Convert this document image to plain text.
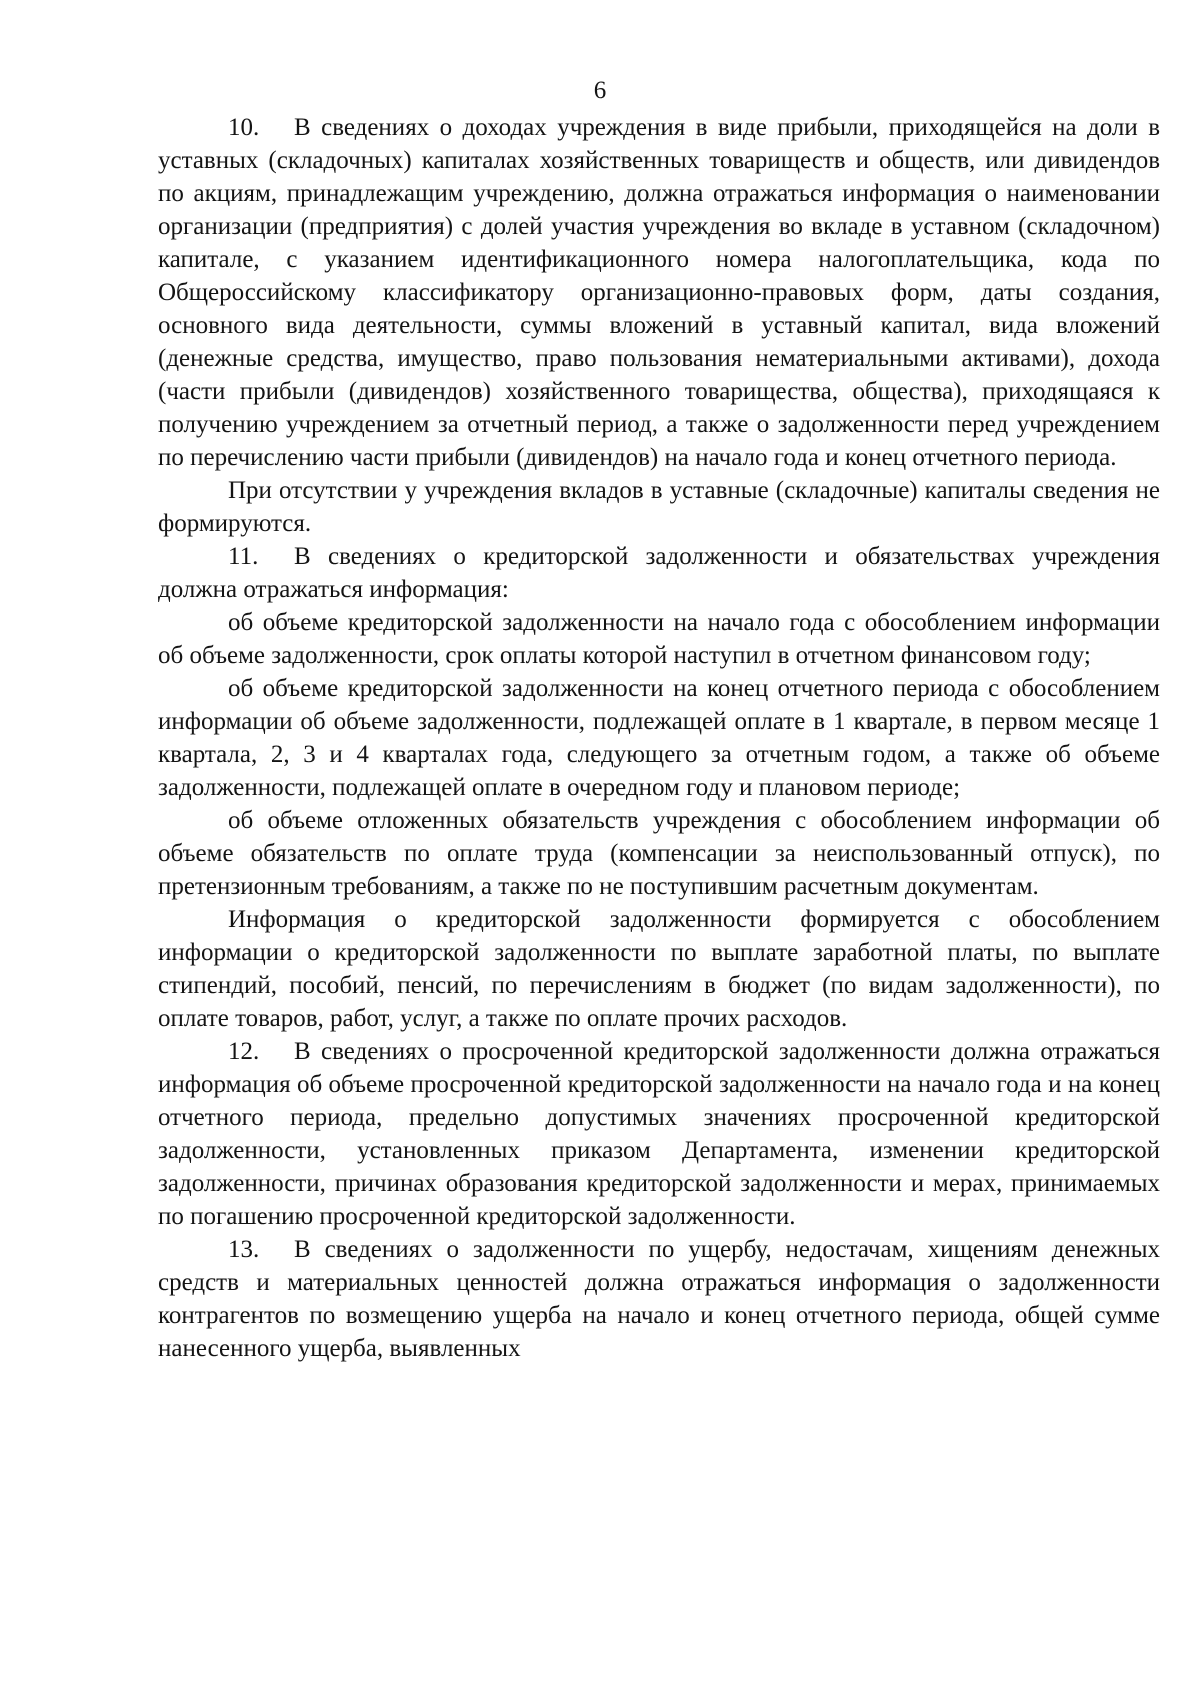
6

10. В сведениях о доходах учреждения в виде прибыли, приходящейся на доли в уставных (складочных) капиталах хозяйственных товариществ и обществ, или дивидендов по акциям, принадлежащим учреждению, должна отражаться информация о наименовании организации (предприятия) с долей участия учреждения во вкладе в уставном (складочном) капитале, с указанием идентификационного номера налогоплательщика, кода по Общероссийскому классификатору организационно-правовых форм, даты создания, основного вида деятельности, суммы вложений в уставный капитал, вида вложений (денежные средства, имущество, право пользования нематериальными активами), дохода (части прибыли (дивидендов) хозяйственного товарищества, общества), приходящаяся к получению учреждением за отчетный период, а также о задолженности перед учреждением по перечислению части прибыли (дивидендов) на начало года и конец отчетного периода.

При отсутствии у учреждения вкладов в уставные (складочные) капиталы сведения не формируются.

11. В сведениях о кредиторской задолженности и обязательствах учреждения должна отражаться информация:

об объеме кредиторской задолженности на начало года с обособлением информации об объеме задолженности, срок оплаты которой наступил в отчетном финансовом году;

об объеме кредиторской задолженности на конец отчетного периода с обособлением информации об объеме задолженности, подлежащей оплате в 1 квартале, в первом месяце 1 квартала, 2, 3 и 4 кварталах года, следующего за отчетным годом, а также об объеме задолженности, подлежащей оплате в очередном году и плановом периоде;

об объеме отложенных обязательств учреждения с обособлением информации об объеме обязательств по оплате труда (компенсации за неиспользованный отпуск), по претензионным требованиям, а также по не поступившим расчетным документам.

Информация о кредиторской задолженности формируется с обособлением информации о кредиторской задолженности по выплате заработной платы, по выплате стипендий, пособий, пенсий, по перечислениям в бюджет (по видам задолженности), по оплате товаров, работ, услуг, а также по оплате прочих расходов.

12. В сведениях о просроченной кредиторской задолженности должна отражаться информация об объеме просроченной кредиторской задолженности на начало года и на конец отчетного периода, предельно допустимых значениях просроченной кредиторской задолженности, установленных приказом Департамента, изменении кредиторской задолженности, причинах образования кредиторской задолженности и мерах, принимаемых по погашению просроченной кредиторской задолженности.

13. В сведениях о задолженности по ущербу, недостачам, хищениям денежных средств и материальных ценностей должна отражаться информация о задолженности контрагентов по возмещению ущерба на начало и конец отчетного периода, общей сумме нанесенного ущерба, выявленных
